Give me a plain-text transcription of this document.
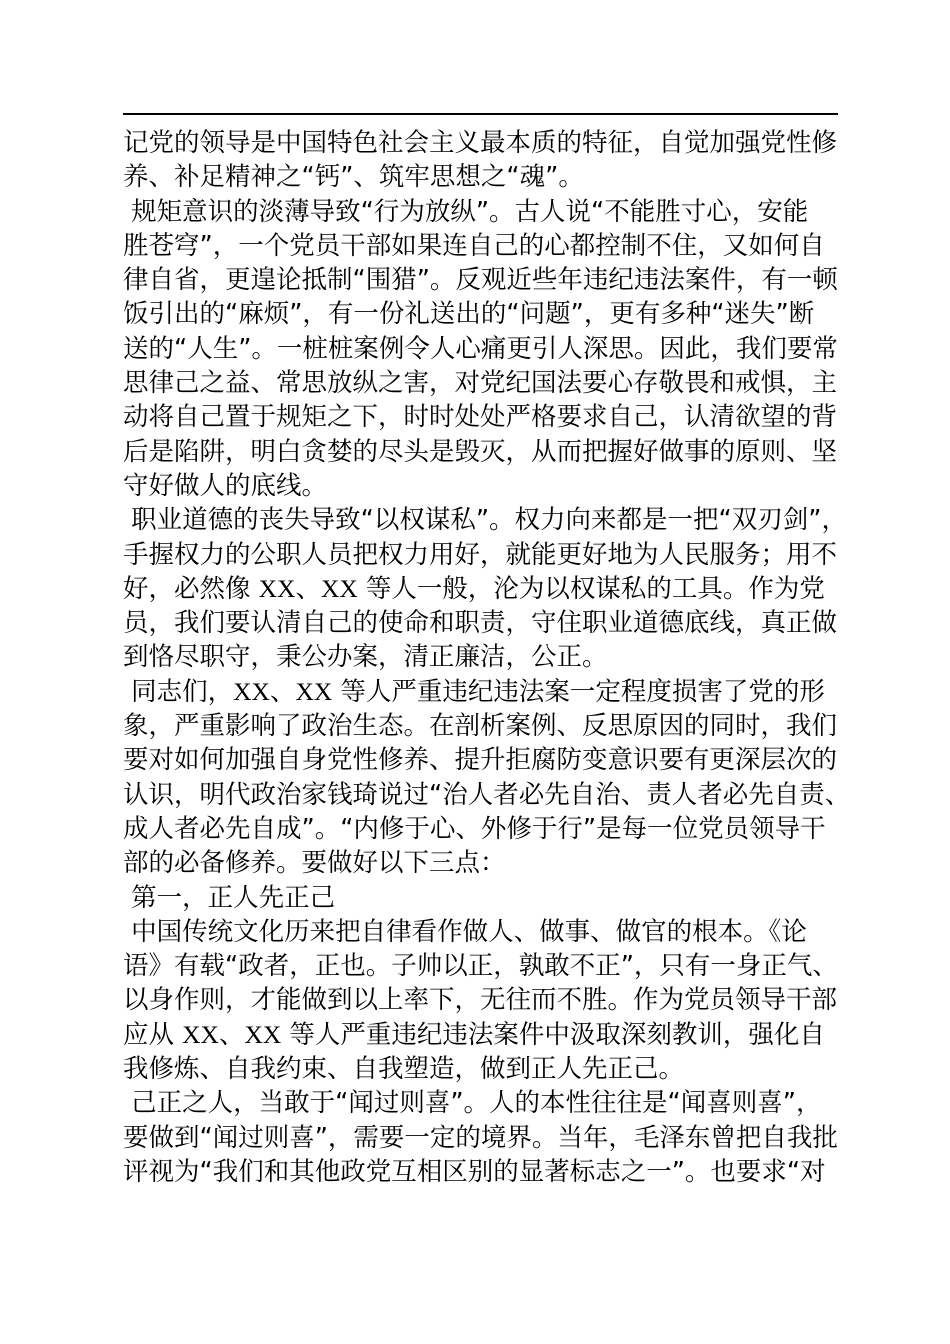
记党的领导是中国特色社会主义最本质的特征，自觉加强党性修
养、补足精神之“钙”、筑牢思想之“魂”。
规矩意识的淡薄导致“行为放纵”。古人说“不能胜寸心，安能
胜苍穹”，一个党员干部如果连自己的心都控制不住，又如何自
律自省，更遑论抵制“围猎”。反观近些年违纪违法案件，有一顿
饭引出的“麻烦”，有一份礼送出的“问题”，更有多种“迷失”断
送的“人生”。一桩桩案例令人心痛更引人深思。因此，我们要常
思律己之益、常思放纵之害，对党纪国法要心存敬畏和戒惧，主
动将自己置于规矩之下，时时处处严格要求自己，认清欲望的背
后是陷阱，明白贪婪的尽头是毁灭，从而把握好做事的原则、坚
守好做人的底线。
职业道德的丧失导致“以权谋私”。权力向来都是一把“双刃剑”，
手握权力的公职人员把权力用好，就能更好地为人民服务；用不
好，必然像 XX、XX 等人一般，沦为以权谋私的工具。作为党
员，我们要认清自己的使命和职责，守住职业道德底线，真正做
到恪尽职守，秉公办案，清正廉洁，公正。
同志们，XX、XX 等人严重违纪违法案一定程度损害了党的形
象，严重影响了政治生态。在剖析案例、反思原因的同时，我们
要对如何加强自身党性修养、提升拒腐防变意识要有更深层次的
认识，明代政治家钱琦说过“治人者必先自治、责人者必先自责、
成人者必先自成”。“内修于心、外修于行”是每一位党员领导干
部的必备修养。要做好以下三点：
第一，正人先正己
中国传统文化历来把自律看作做人、做事、做官的根本。《论
语》有载“政者，正也。子帅以正，孰敢不正”，只有一身正气、
以身作则，才能做到以上率下，无往而不胜。作为党员领导干部
应从 XX、XX 等人严重违纪违法案件中汲取深刻教训，强化自
我修炼、自我约束、自我塑造，做到正人先正己。
己正之人，当敢于“闻过则喜”。人的本性往往是“闻喜则喜”，
要做到“闻过则喜”，需要一定的境界。当年，毛泽东曾把自我批
评视为“我们和其他政党互相区别的显著标志之一”。也要求“对
